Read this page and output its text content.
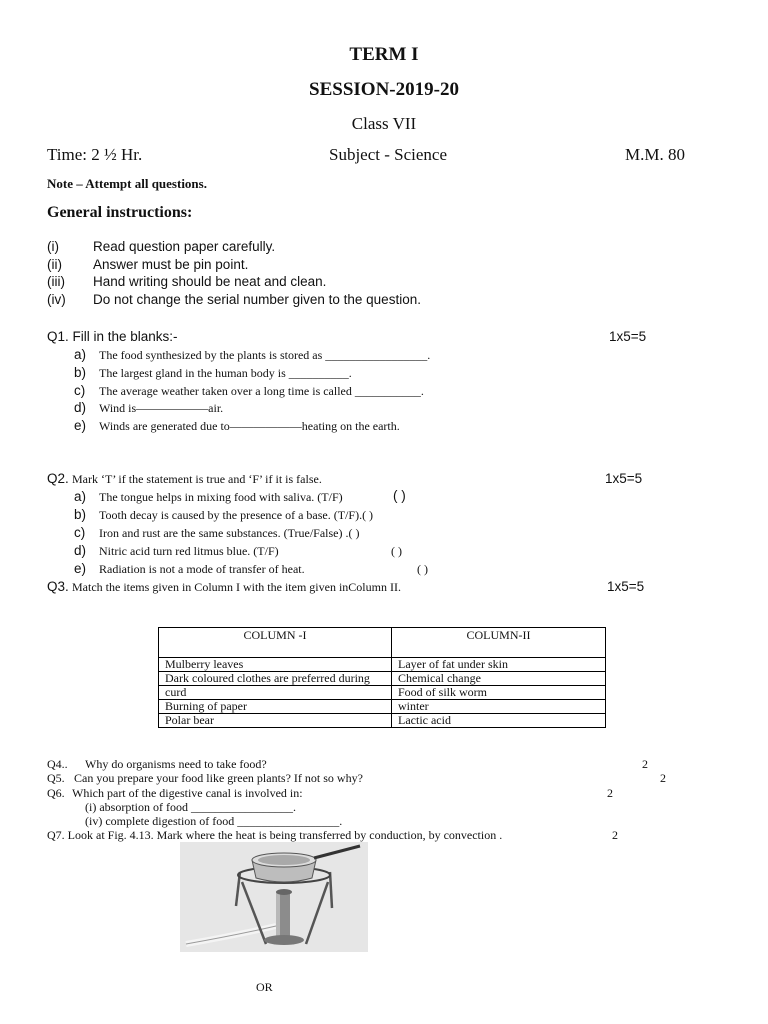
TERM I
SESSION-2019-20
Class VII
Time: 2 ½ Hr.	Subject - Science	M.M. 80
Note – Attempt all questions.
General instructions:
(i)	Read question paper carefully.
(ii) Answer must be pin point.
(iii) Hand writing should be neat and clean.
(iv) Do not change the serial number given to the question.
Q1. Fill in the blanks:-	1x5=5
a) The food synthesized by the plants is stored as _________________.
b) The largest gland in the human body is __________.
c) The average weather taken over a long time is called ___________.
d) Wind is——————air.
e) Winds are generated due to——————heating on the earth.
Q2. Mark ‘T’ if the statement is true and ‘F’ if it is false.	1x5=5
a) The tongue helps in mixing food with saliva. (T/F)	( )
b) Tooth decay is caused by the presence of a base. (T/F).( )
c) Iron and rust are the same substances. (True/False) .( )
d) Nitric acid turn red litmus blue. (T/F)	( )
e) Radiation is not a mode of transfer of heat.	( )
Q3. Match the items given in Column I with the item given inColumn II.	1x5=5
COLUMN -I	COLUMN-II
Mulberry leaves	Layer of fat under skin
Dark coloured clothes are preferred during	Chemical change
curd	Food of silk worm
Burning of paper	winter
Polar bear	Lactic acid
Q4.. Why do organisms need to take food?	2
Q5. Can you prepare your food like green plants? If not so why?	2
Q6. Which part of the digestive canal is involved in:	2
(i) absorption of food _________________.
(iv) complete digestion of food _________________.
Q7. Look at Fig. 4.13. Mark where the heat is being transferred by conduction, by convection .	2
OR
